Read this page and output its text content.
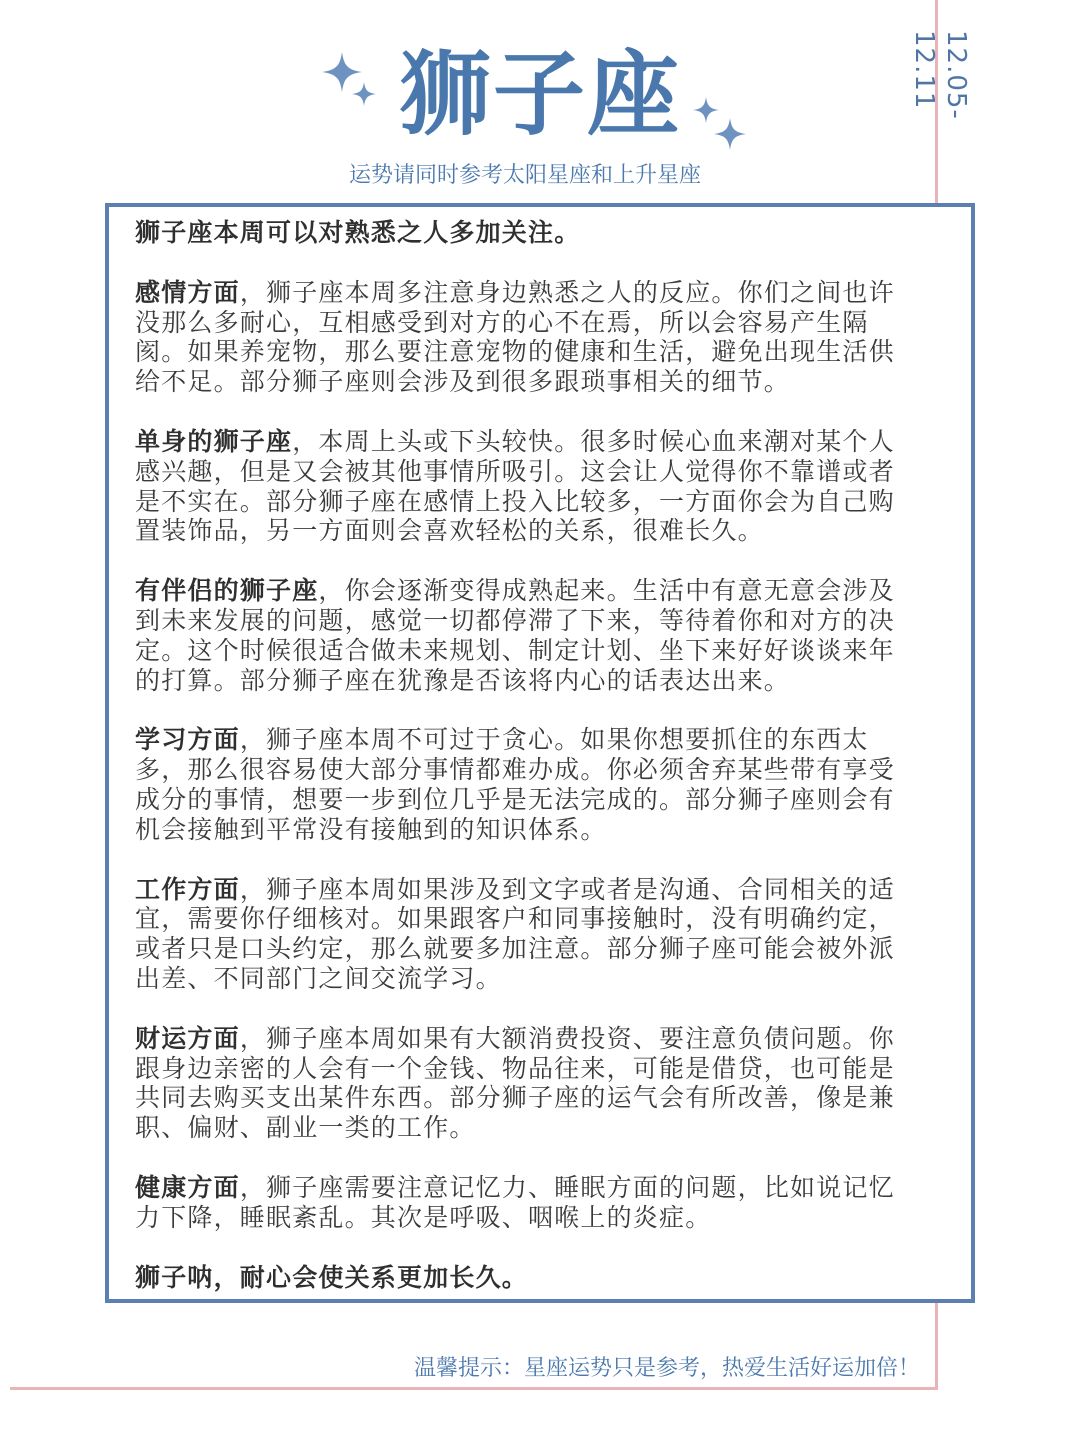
12.05-12.11
狮子座
运势请同时参考太阳星座和上升星座

狮子座本周可以对熟悉之人多加关注。

感情方面，狮子座本周多注意身边熟悉之人的反应。你们之间也许没那么多耐心，互相感受到对方的心不在焉，所以会容易产生隔阂。如果养宠物，那么要注意宠物的健康和生活，避免出现生活供给不足。部分狮子座则会涉及到很多跟琐事相关的细节。

单身的狮子座，本周上头或下头较快。很多时候心血来潮对某个人感兴趣，但是又会被其他事情所吸引。这会让人觉得你不靠谱或者是不实在。部分狮子座在感情上投入比较多，一方面你会为自己购置装饰品，另一方面则会喜欢轻松的关系，很难长久。

有伴侣的狮子座，你会逐渐变得成熟起来。生活中有意无意会涉及到未来发展的问题，感觉一切都停滞了下来，等待着你和对方的决定。这个时候很适合做未来规划、制定计划、坐下来好好谈谈来年的打算。部分狮子座在犹豫是否该将内心的话表达出来。

学习方面，狮子座本周不可过于贪心。如果你想要抓住的东西太多，那么很容易使大部分事情都难办成。你必须舍弃某些带有享受成分的事情，想要一步到位几乎是无法完成的。部分狮子座则会有机会接触到平常没有接触到的知识体系。

工作方面，狮子座本周如果涉及到文字或者是沟通、合同相关的适宜，需要你仔细核对。如果跟客户和同事接触时，没有明确约定，或者只是口头约定，那么就要多加注意。部分狮子座可能会被外派出差、不同部门之间交流学习。

财运方面，狮子座本周如果有大额消费投资、要注意负债问题。你跟身边亲密的人会有一个金钱、物品往来，可能是借贷，也可能是共同去购买支出某件东西。部分狮子座的运气会有所改善，像是兼职、偏财、副业一类的工作。

健康方面，狮子座需要注意记忆力、睡眠方面的问题，比如说记忆力下降，睡眠紊乱。其次是呼吸、咽喉上的炎症。

狮子呐，耐心会使关系更加长久。

温馨提示：星座运势只是参考，热爱生活好运加倍！
